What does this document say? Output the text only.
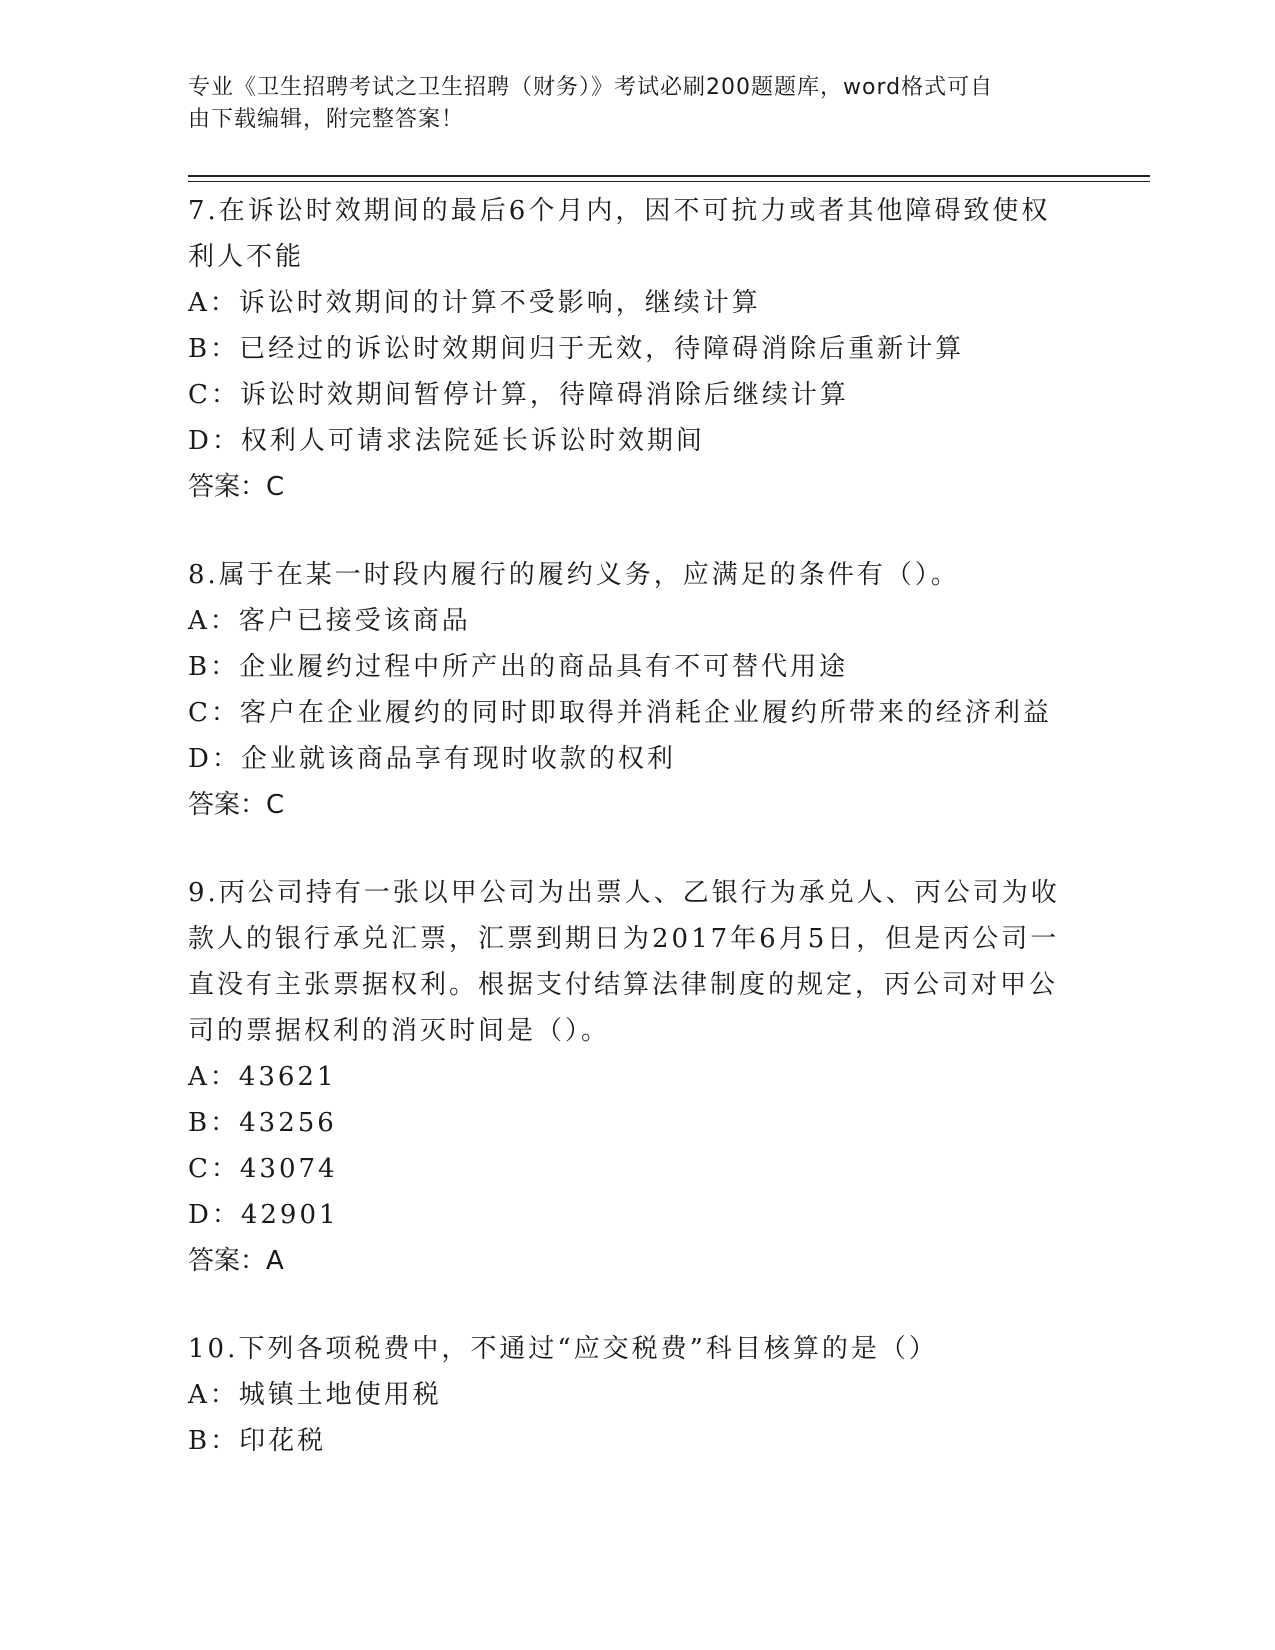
专业《卫生招聘考试之卫生招聘（财务）》考试必刷200题题库，word格式可自
由下载编辑，附完整答案！

7.在诉讼时效期间的最后6个月内，因不可抗力或者其他障碍致使权

利人不能

A：诉讼时效期间的计算不受影响，继续计算

B：已经过的诉讼时效期间归于无效，待障碍消除后重新计算

C：诉讼时效期间暂停计算，待障碍消除后继续计算

D：权利人可请求法院延长诉讼时效期间

答案：C

8.属于在某一时段内履行的履约义务，应满足的条件有（）。

A：客户已接受该商品

B：企业履约过程中所产出的商品具有不可替代用途

C：客户在企业履约的同时即取得并消耗企业履约所带来的经济利益

D：企业就该商品享有现时收款的权利

答案：C

9.丙公司持有一张以甲公司为出票人、乙银行为承兑人、丙公司为收

款人的银行承兑汇票，汇票到期日为2017年6月5日，但是丙公司一

直没有主张票据权利。根据支付结算法律制度的规定，丙公司对甲公

司的票据权利的消灭时间是（）。

A：43621

B：43256

C：43074

D：42901

答案：A

10.下列各项税费中，不通过“应交税费”科目核算的是（）

A：城镇土地使用税

B：印花税
